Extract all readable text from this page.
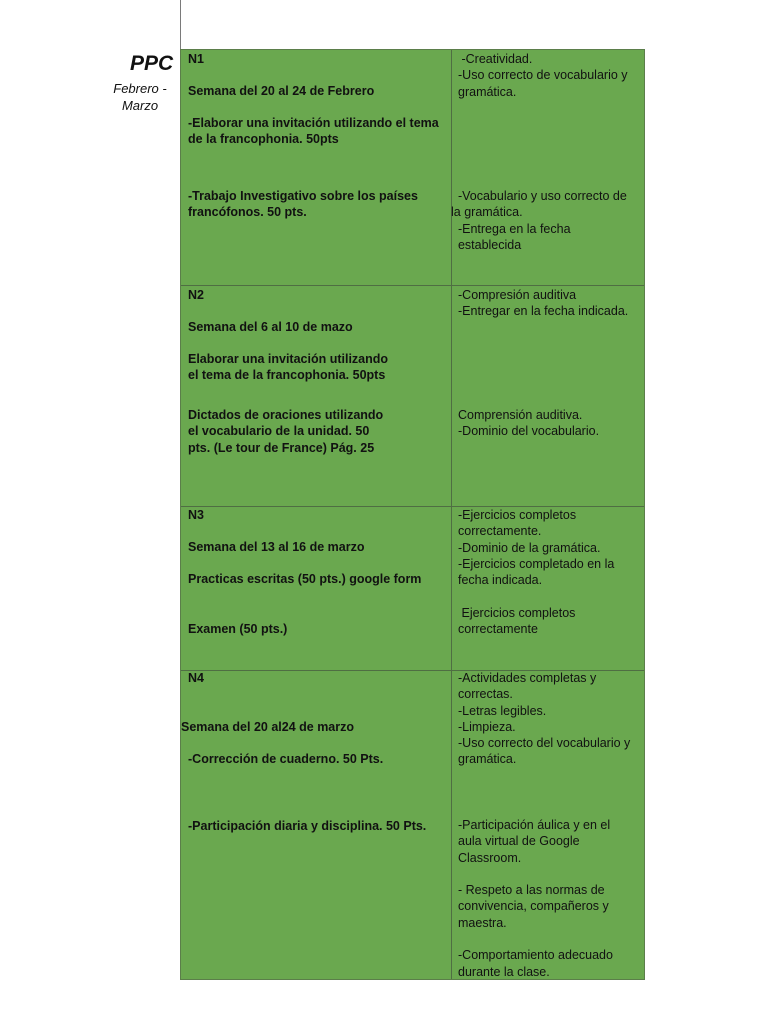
PPC
Febrero -
Marzo
N1
Semana del 20 al 24 de Febrero
-Elaborar una invitación utilizando el tema
de la francophonia. 50pts
-Trabajo Investigativo sobre los países
francófonos. 50 pts.
-Creatividad.
-Uso correcto de vocabulario y
gramática.
-Vocabulario y uso correcto de
la gramática.
-Entrega en la fecha
establecida
N2
Semana del 6 al 10 de mazo
Elaborar una invitación utilizando
el tema de la francophonia. 50pts
Dictados de oraciones utilizando
el vocabulario de la unidad. 50
pts. (Le tour de France) Pág. 25
-Compresión auditiva
-Entregar en la fecha indicada.
Comprensión auditiva.
-Dominio del vocabulario.
N3
Semana del 13 al 16 de marzo
Practicas escritas (50 pts.) google form
Examen (50 pts.)
-Ejercicios completos
correctamente.
-Dominio de la gramática.
-Ejercicios completado en la
fecha indicada.
Ejercicios completos
correctamente
N4
Semana del 20 al24 de marzo
-Corrección de cuaderno. 50 Pts.
-Participación diaria y disciplina. 50 Pts.
-Actividades completas y
correctas.
-Letras legibles.
-Limpieza.
-Uso correcto del vocabulario y
gramática.
-Participación áulica y en el
aula virtual de Google
Classroom.

- Respeto a las normas de
convivencia, compañeros y
maestra.

-Comportamiento adecuado
durante la clase.
